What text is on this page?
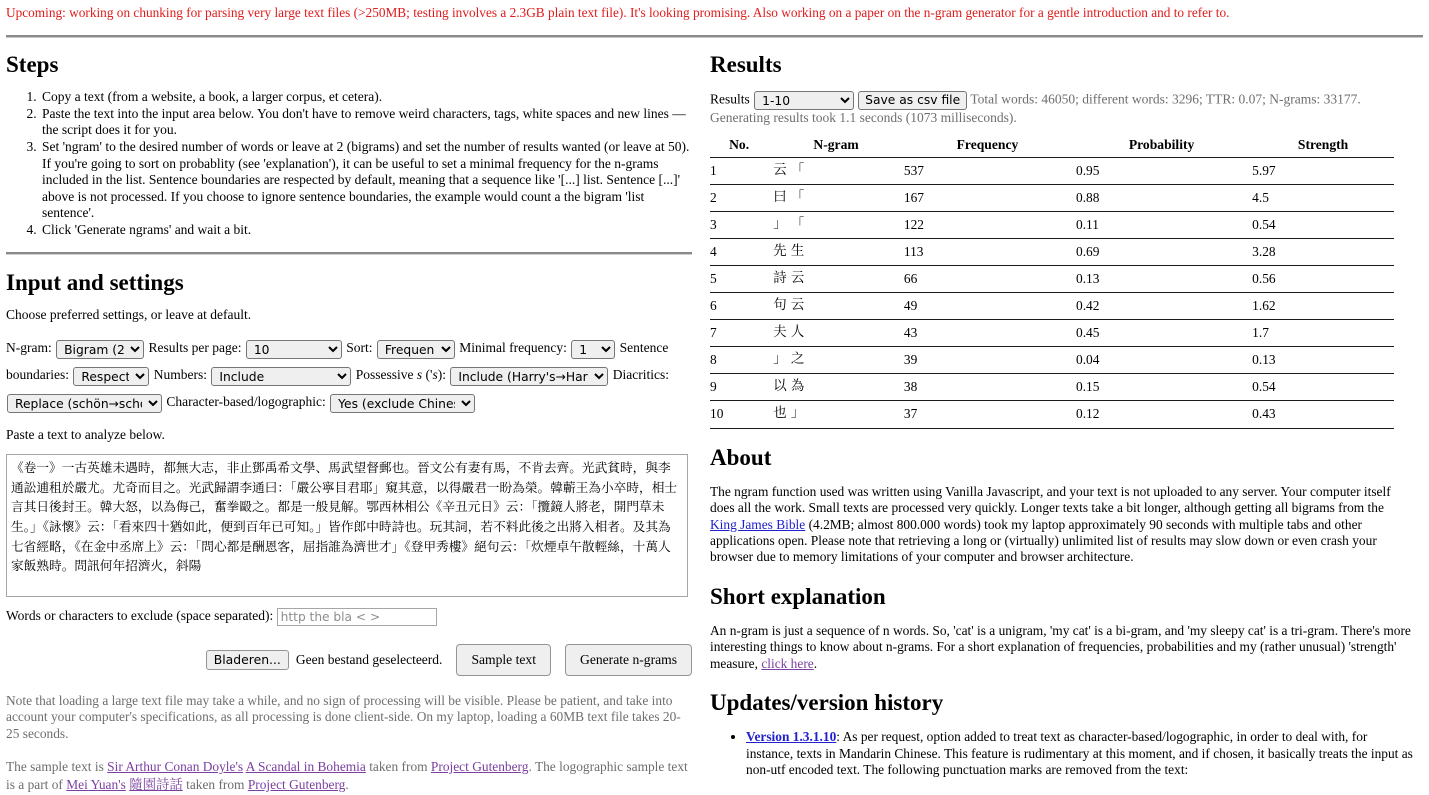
Upcoming: working on chunking for parsing very large text files (>250MB; testing involves a 2.3GB plain text file). It's looking promising. Also working on a paper on the n-gram generator for a gentle introduction and to refer to.
Steps
1. Copy a text (from a website, a book, a larger corpus, et cetera).
2. Paste the text into the input area below. You don't have to remove weird characters, tags, white spaces and new lines — the script does it for you.
3. Set 'ngram' to the desired number of words or leave at 2 (bigrams) and set the number of results wanted (or leave at 50). If you're going to sort on probablity (see 'explanation'), it can be useful to set a minimal frequency for the n-grams included in the list. Sentence boundaries are respected by default, meaning that a sequence like '[...] list. Sentence [...]' above is not processed. If you choose to ignore sentence boundaries, the example would count a the bigram 'list sentence'.
4. Click 'Generate ngrams' and wait a bit.
Input and settings

Choose preferred settings, or leave at default.

N-gram:
Bigram (2)	Results per page:
10	Sort:
Frequency	Minimal frequency:
1	Sentence boundaries:
Respect	Numbers:
Include	Possessive s ('s):
Include (Harry's→Harrys)	Diacritics:
Replace (schön→schon) Character-based/logographic:
Yes (exclude Chinese punct.)

Paste a text to analyze below.

《卷一》一古英雄未遇時，都無大志，非止鄧禹希文學、馬武望督郵也。晉文公有妻有馬，不肯去齊。光武貧時，與李通訟逋租於嚴尤。尤奇而目之。光武歸謂李通曰：「嚴公寧目君耶」窺其意，以得嚴君一盼為榮。韓蘄王為小卒時，相士言其日後封王。韓大怒，以為侮己，奮拳毆之。都是一般見解。鄂西林相公《辛丑元日》云：「攬鏡人將老，開門草未生。」《詠懷》云：「看來四十猶如此，便到百年已可知。」皆作郎中時詩也。玩其詞，若不料此後之出將入相者。及其為七省經略，《在金中丞席上》云：「問心都是酬恩客，屈指誰為濟世才」《登甲秀樓》絕句云：「炊煙卓午散輕絲，十萬人家飯熟時。問訊何年招濟火，斜陽
Words or characters to exclude (space separated): http the bla < >
Bladeren...	Geen bestand geselecteerd.	Sample text	Generate n-grams

Note that loading a large text file may take a while, and no sign of processing will be visible. Please be patient, and take into account your computer's specifications, as all processing is done client-side. On my laptop, loading a 60MB text file takes 20-25 seconds.

The sample text is Sir Arthur Conan Doyle's A Scandal in Bohemia taken from Project Gutenberg. The logographic sample text is a part of Mei Yuan's 隨園詩話 taken from Project Gutenberg.

Results
Results
1-10	Save as csv file Total words: 46050; different words: 3296; TTR: 0.07; N-grams: 33177.
Generating results took 1.1 seconds (1073 milliseconds).
No.	N-gram	Frequency	Probability	Strength
1	云 「	537	0.95	5.97
2	曰 「	167	0.88	4.5
3	」 「	122	0.11	0.54
4	先 生	113	0.69	3.28
5	詩 云	66	0.13	0.56
6	句 云	49	0.42	1.62
7	夫 人	43	0.45	1.7
8	」 之	39	0.04	0.13
9	以 為	38	0.15	0.54
10	也 」	37	0.12	0.43
About

The ngram function used was written using Vanilla Javascript, and your text is not uploaded to any server. Your computer itself does all the work. Small texts are processed very quickly. Longer texts take a bit longer, although getting all bigrams from the King James Bible (4.2MB; almost 800.000 words) took my laptop approximately 90 seconds with multiple tabs and other applications open. Please note that retrieving a long or (virtually) unlimited list of results may slow down or even crash your browser due to memory limitations of your computer and browser architecture.

Short explanation

An n-gram is just a sequence of n words. So, 'cat' is a unigram, 'my cat' is a bi-gram, and 'my sleepy cat' is a tri-gram. There's more interesting things to know about n-grams. For a short explanation of frequencies, probabilities and my (rather unusual) 'strength' measure, click here.

Updates/version history
• Version 1.3.1.10: As per request, option added to treat text as character-based/logographic, in order to deal with, for instance, texts in Mandarin Chinese. This feature is rudimentary at this moment, and if chosen, it basically treats the input as non-utf encoded text. The following punctuation marks are removed from the text:
